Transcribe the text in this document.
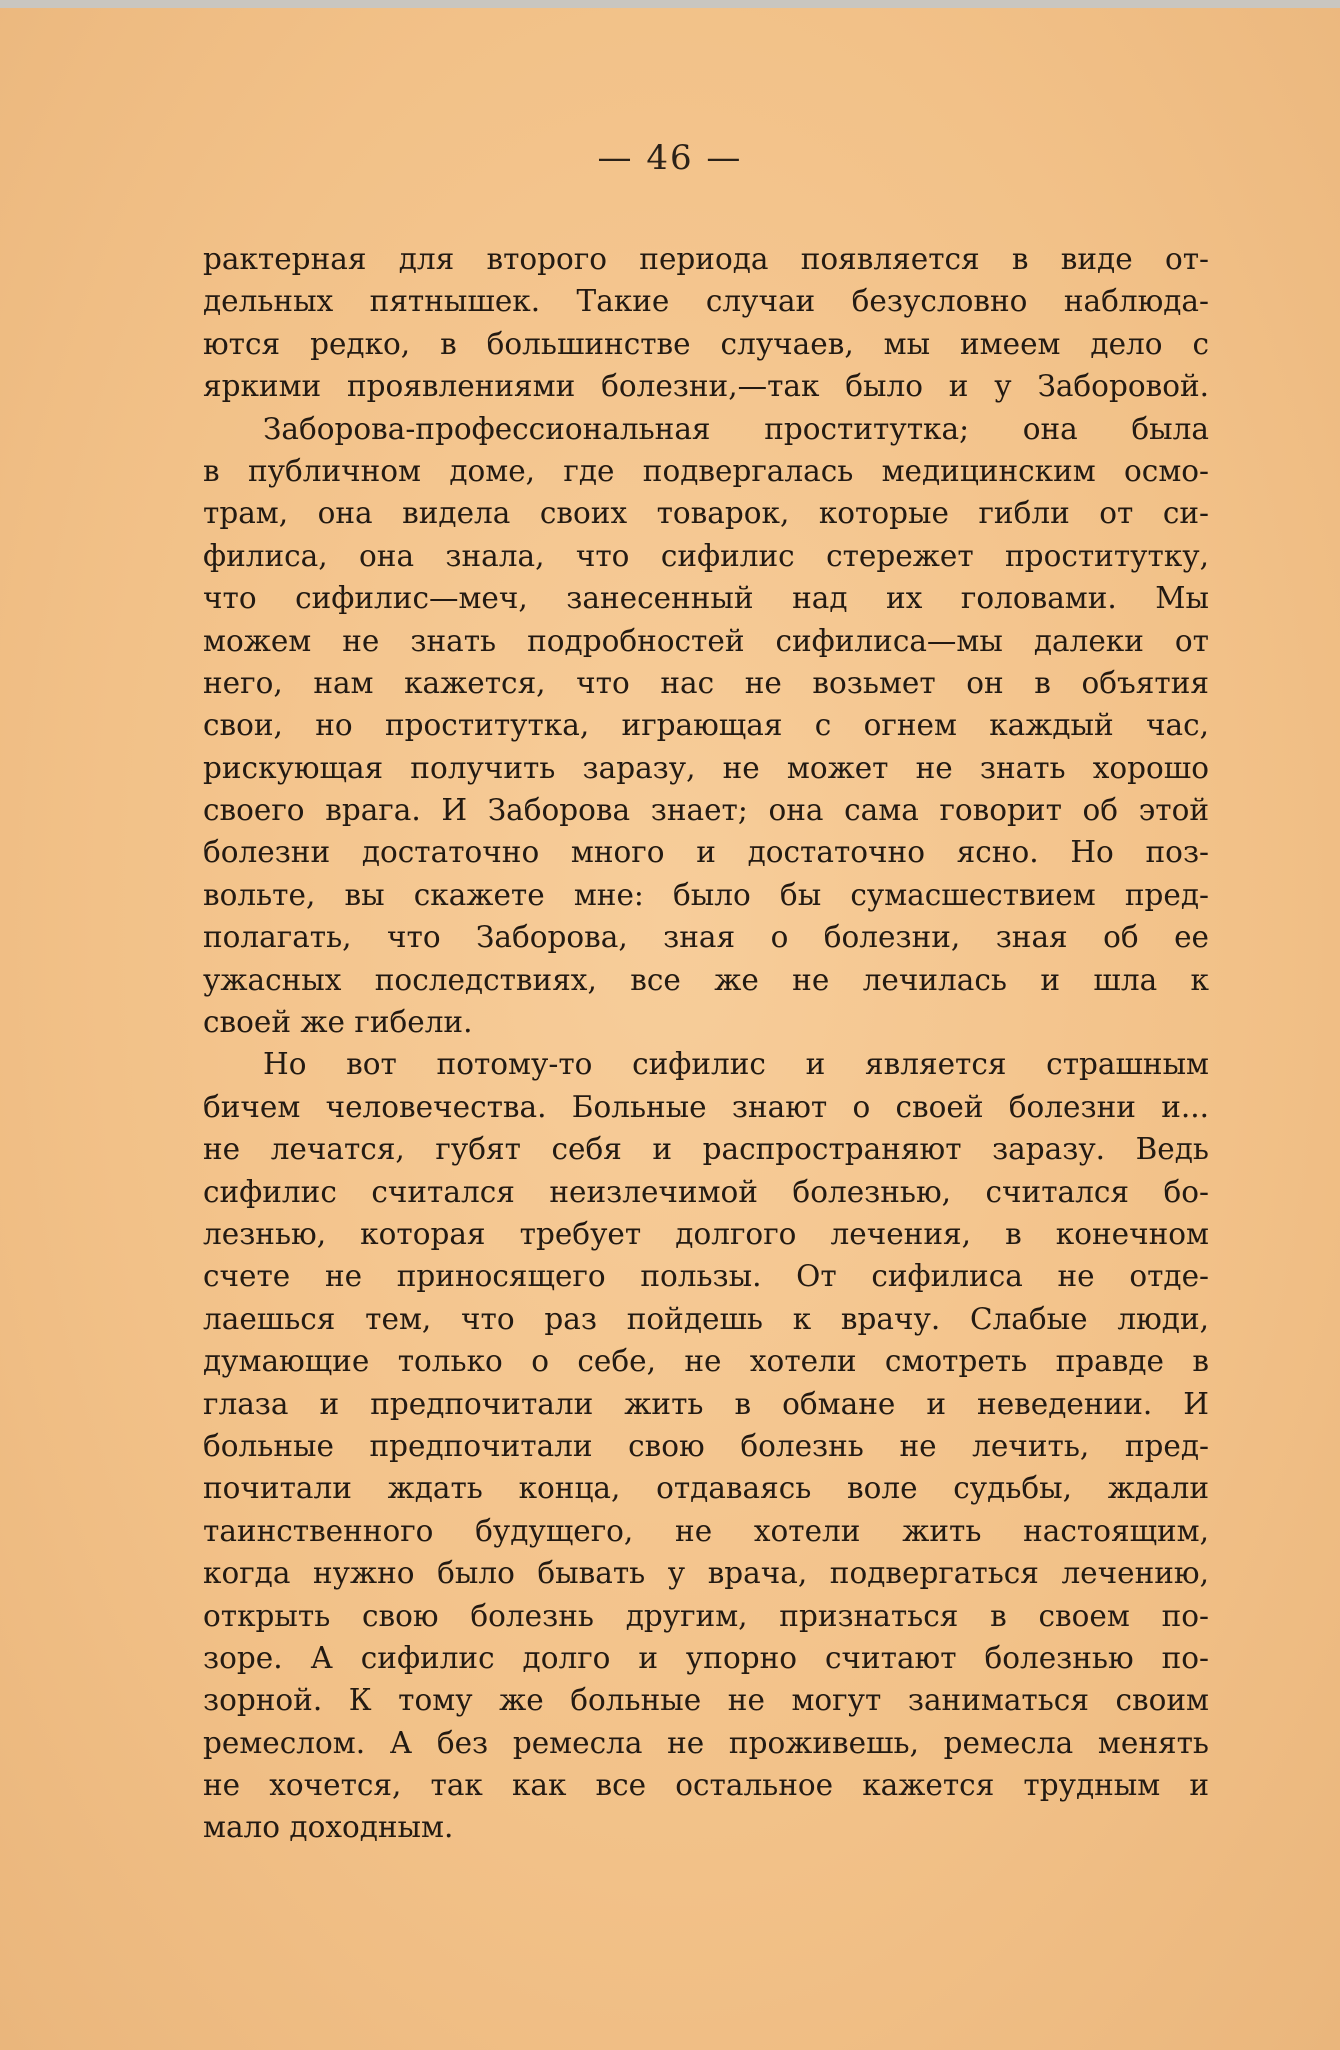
— 46 —
рактерная для второго периода появляется в виде от-
дельных пятнышек. Такие случаи безусловно наблюда-
ются редко, в большинстве случаев, мы имеем дело с
яркими проявлениями болезни,—так было и у Заборовой.
Заборова-профессиональная проститутка; она была
в публичном доме, где подвергалась медицинским осмо-
трам, она видела своих товарок, которые гибли от си-
филиса, она знала, что сифилис стережет проститутку,
что сифилис—меч, занесенный над их головами. Мы
можем не знать подробностей сифилиса—мы далеки от
него, нам кажется, что нас не возьмет он в объятия
свои, но проститутка, играющая с огнем каждый час,
рискующая получить заразу, не может не знать хорошо
своего врага. И Заборова знает; она сама говорит об этой
болезни достаточно много и достаточно ясно. Но поз-
вольте, вы скажете мне: было бы сумасшествием пред-
полагать, что Заборова, зная о болезни, зная об ее
ужасных последствиях, все же не лечилась и шла к
своей же гибели.
Но вот потому-то сифилис и является страшным
бичем человечества. Больные знают о своей болезни и...
не лечатся, губят себя и распространяют заразу. Ведь
сифилис считался неизлечимой болезнью, считался бо-
лезнью, которая требует долгого лечения, в конечном
счете не приносящего пользы. От сифилиса не отде-
лаешься тем, что раз пойдешь к врачу. Слабые люди,
думающие только о себе, не хотели смотреть правде в
глаза и предпочитали жить в обмане и неведении. И
больные предпочитали свою болезнь не лечить, пред-
почитали ждать конца, отдаваясь воле судьбы, ждали
таинственного будущего, не хотели жить настоящим,
когда нужно было бывать у врача, подвергаться лечению,
открыть свою болезнь другим, признаться в своем по-
зоре. А сифилис долго и упорно считают болезнью по-
зорной. К тому же больные не могут заниматься своим
ремеслом. А без ремесла не проживешь, ремесла менять
не хочется, так как все остальное кажется трудным и
мало доходным.
